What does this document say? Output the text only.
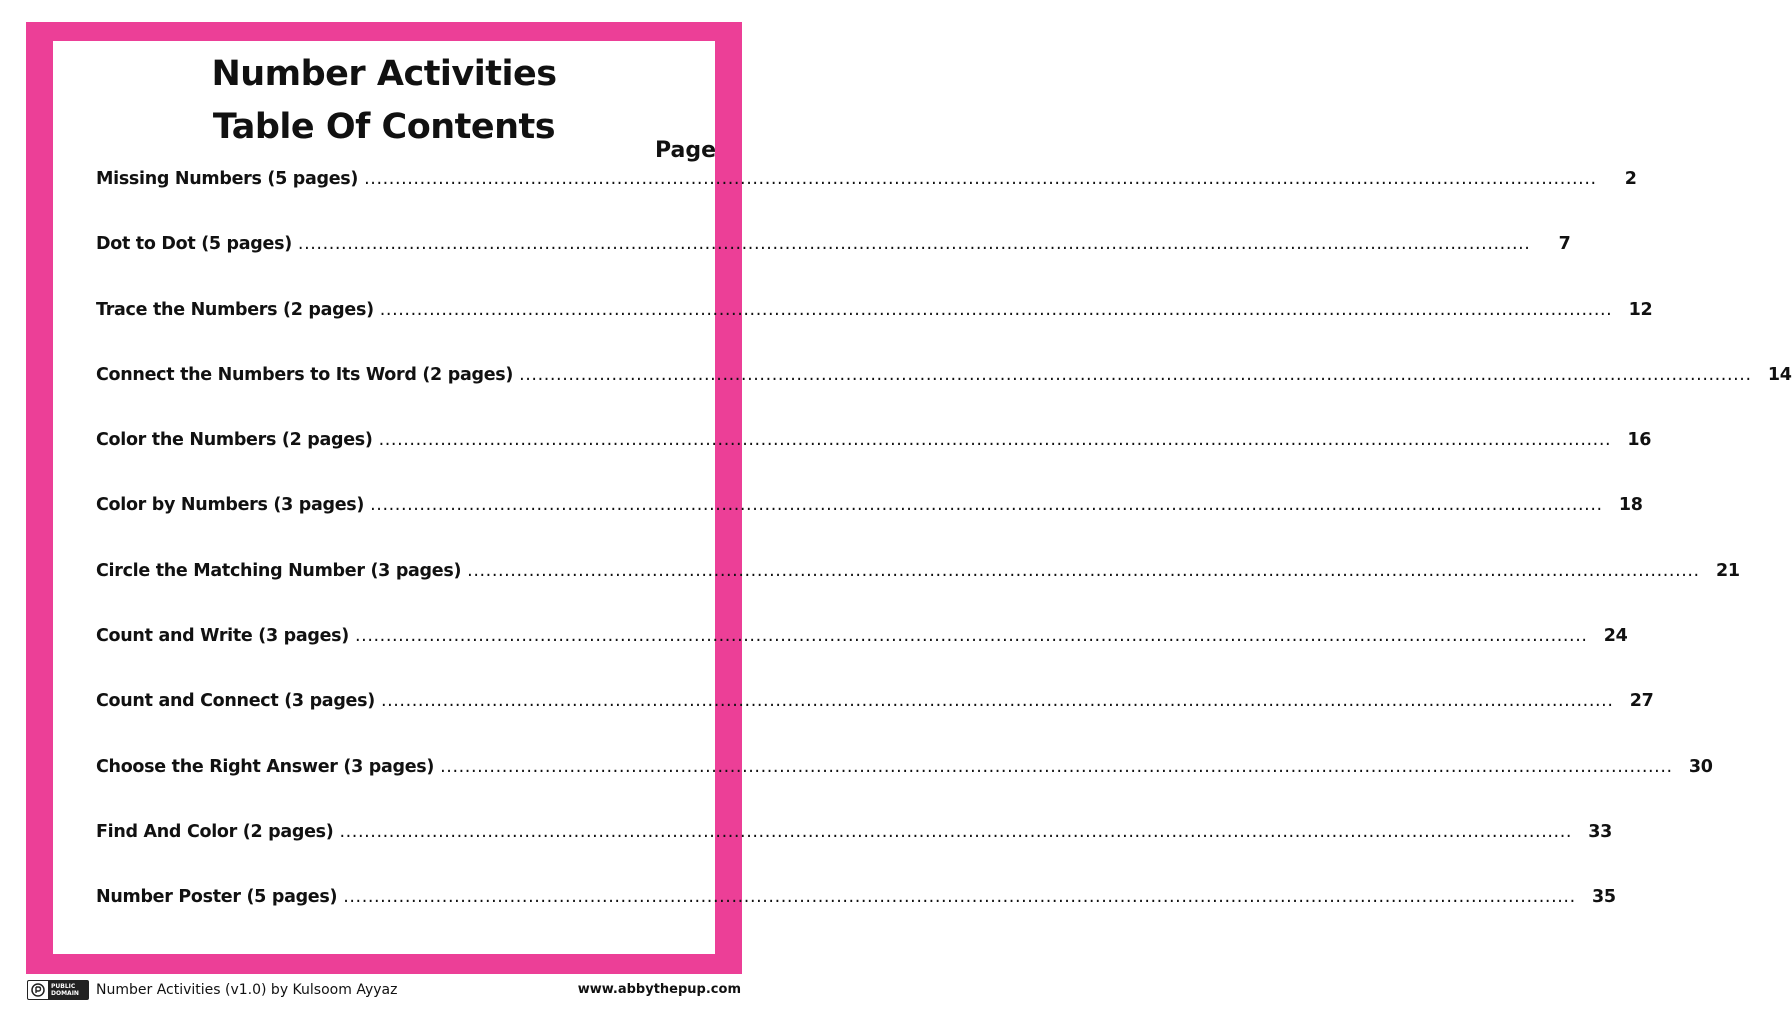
Number Activities
Table Of Contents
Page
Missing Numbers (5 pages) ........................................................................................................................................................................................................	2
Dot to Dot (5 pages) ........................................................................................................................................................................................................	7
Trace the Numbers (2 pages) ........................................................................................................................................................................................................ 12
Connect the Numbers to Its Word (2 pages) ........................................................................................................................................................................................................ 14
Color the Numbers (2 pages) ........................................................................................................................................................................................................ 16
Color by Numbers (3 pages) ........................................................................................................................................................................................................ 18
Circle the Matching Number (3 pages) ........................................................................................................................................................................................................ 21
Count and Write (3 pages) ........................................................................................................................................................................................................ 24
Count and Connect (3 pages) ........................................................................................................................................................................................................ 27
Choose the Right Answer (3 pages) ........................................................................................................................................................................................................ 30
Find And Color (2 pages) ........................................................................................................................................................................................................ 33
Number Poster (5 pages) ........................................................................................................................................................................................................ 35
PUBLIC
DOMAIN	Number Activities (v1.0) by Kulsoom Ayyaz	www.abbythepup.com
